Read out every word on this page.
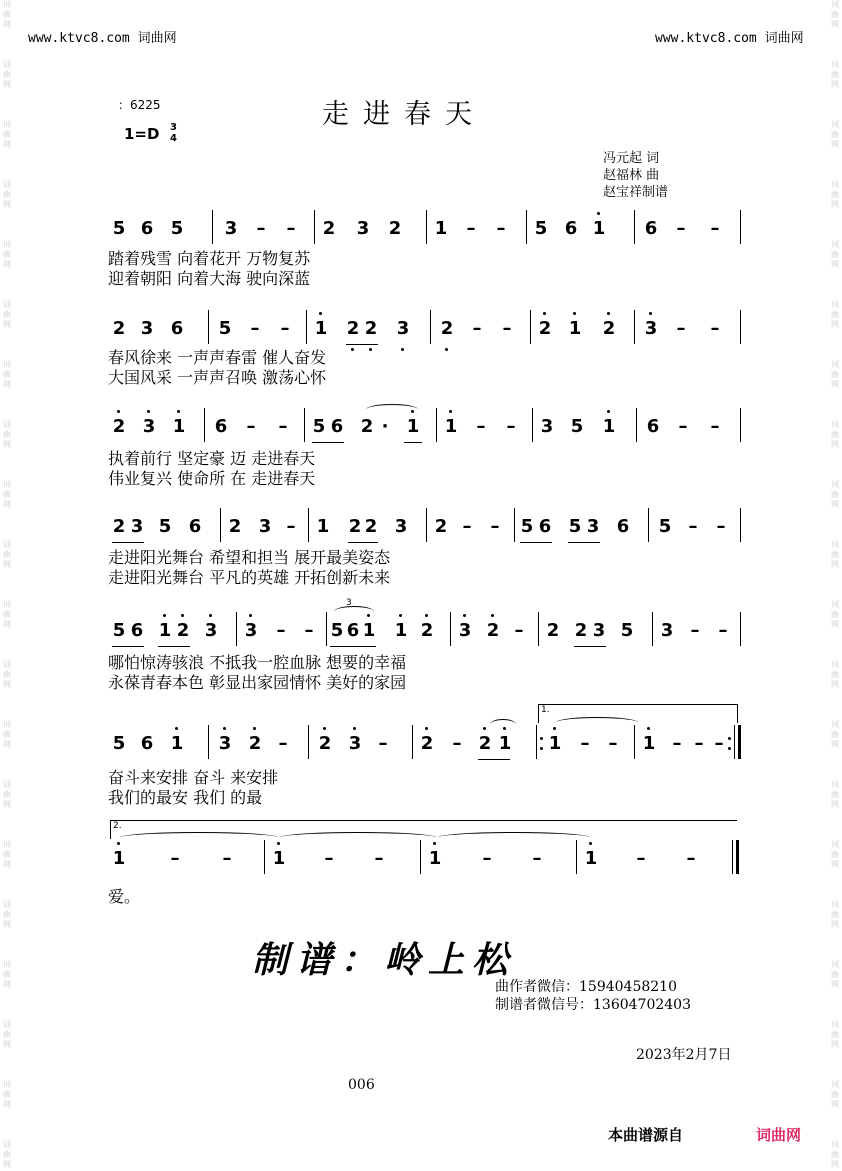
词曲网
词曲网
词曲网
词曲网
词曲网
词曲网
词曲网
词曲网
词曲网
词曲网
词曲网
词曲网
词曲网
词曲网
词曲网
词曲网
词曲网
词曲网
词曲网
词曲网
词曲网
词曲网
词曲网
词曲网
词曲网
词曲网
词曲网
词曲网
词曲网
词曲网
词曲网
词曲网
词曲网
词曲网
词曲网
词曲网
词曲网
词曲网
词曲网
词曲网
www.ktvc8.com 词曲网	www.ktvc8.com 词曲网
：6225
1=D 3
4
走进春天
冯元起 词
赵福林 曲
赵宝祥制谱
5 6 5 3 – – 2 3 2 1 – – 5 6 1 6 – –
踏着残雪 向着花开 万物复苏
迎着朝阳 向着大海 驶向深蓝
2 3 6 5 – – 1 2 2 3 2 – – 2 1 2 3 – –
春风徐来 一声声春雷 催人奋发
大国风采 一声声召唤 激荡心怀
2 3 1 6 – – 5 6 2 · 1 1 – – 3 5 1 6 – –
执着前行 坚定豪 迈 走进春天
伟业复兴 使命所 在 走进春天
2 3 5 6 2 3 – 1 2 2 3 2 – – 5 6 5 3 6 5 – –
走进阳光舞台 希望和担当 展开最美姿态
走进阳光舞台 平凡的英雄 开拓创新未来
5 6 1 2 3 3 – –
3
5 6 1 1 2 3 2 – 2 2 3 5 3 – –
哪怕惊涛骇浪 不抵我一腔血脉 想要的幸福
永葆青春本色 彰显出家园情怀 美好的家园
1.
5 6 1 3 2 – 2 3 – 2 – 2 1 1 – – 1 – – –
奋斗来安排 奋斗 来安排
我们的最安 我们 的最
2.
1	– – 1 – –	1 – – 1 – –
爱。
制谱：岭上松
曲作者微信：15940458210
制谱者微信号：13604702403
2023年2月7日
006
本曲谱源自	词曲网
